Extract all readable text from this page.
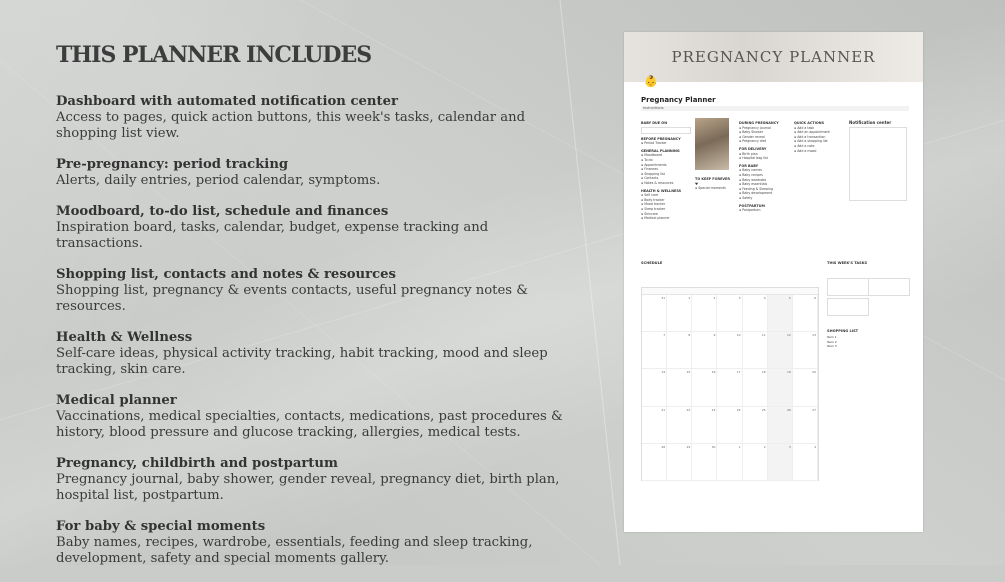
THIS PLANNER INCLUDES
Dashboard with automated notification center
Access to pages, quick action buttons, this week's tasks, calendar and shopping list view.
Pre-pregnancy: period tracking
Alerts, daily entries, period calendar, symptoms.
Moodboard, to-do list, schedule and finances
Inspiration board, tasks, calendar, budget, expense tracking and transactions.
Shopping list, contacts and notes & resources
Shopping list, pregnancy & events contacts, useful pregnancy notes & resources.
Health & Wellness
Self-care ideas, physical activity tracking, habit tracking, mood and sleep tracking, skin care.
Medical planner
Vaccinations, medical specialties, contacts, medications, past procedures & history, blood pressure and glucose tracking, allergies, medical tests.
Pregnancy, childbirth and postpartum
Pregnancy journal, baby shower, gender reveal, pregnancy diet, birth plan, hospital list, postpartum.
For baby & special moments
Baby names, recipes, wardrobe, essentials, feeding and sleep tracking, development, safety and special moments gallery.
PREGNANCY PLANNER
👶
Pregnancy Planner
Instructions
BABY DUE ON
BEFORE PREGNANCY
▪ Period Tracker
GENERAL PLANNING
▪ Moodboard
▪ To do
▪ Appointments
▪ Finances
▪ Shopping list
▪ Contacts
▪ Notes & resources
HEALTH & WELLNESS
▪ Self care
▪ Body tracker
▪ Mood tracker
▪ Sleep tracker
▪ Skincare
▪ Medical planner
TO KEEP FOREVER ♥
▪ Special moments
DURING PREGNANCY
▪ Pregnancy journal
▪ Baby Shower
▪ Gender reveal
▪ Pregnancy diet
FOR DELIVERY
▪ Birth plan
▪ Hospital bag list
FOR BABY
▪ Baby names
▪ Baby recipes
▪ Baby wardrobe
▪ Baby essentials
▪ Feeding & Sleeping
▪ Baby development
▪ Safety
POSTPARTUM
▪ Postpartum
QUICK ACTIONS
▪ Add a task
▪ Add an appointment
▪ Add a transaction
▪ Add a shopping list
▪ Add a note
▪ Add a mood
Notification center
SCHEDULE
31	1	2	3	4	5	6
7	8	9	10	11	12	13
14	15	16	17	18	19	20
21	22	23	24	25	26	27
28	29	30	1	2	3	4
THIS WEEK'S TASKS
SHOPPING LIST
Item 1
Item 2
Item 3
